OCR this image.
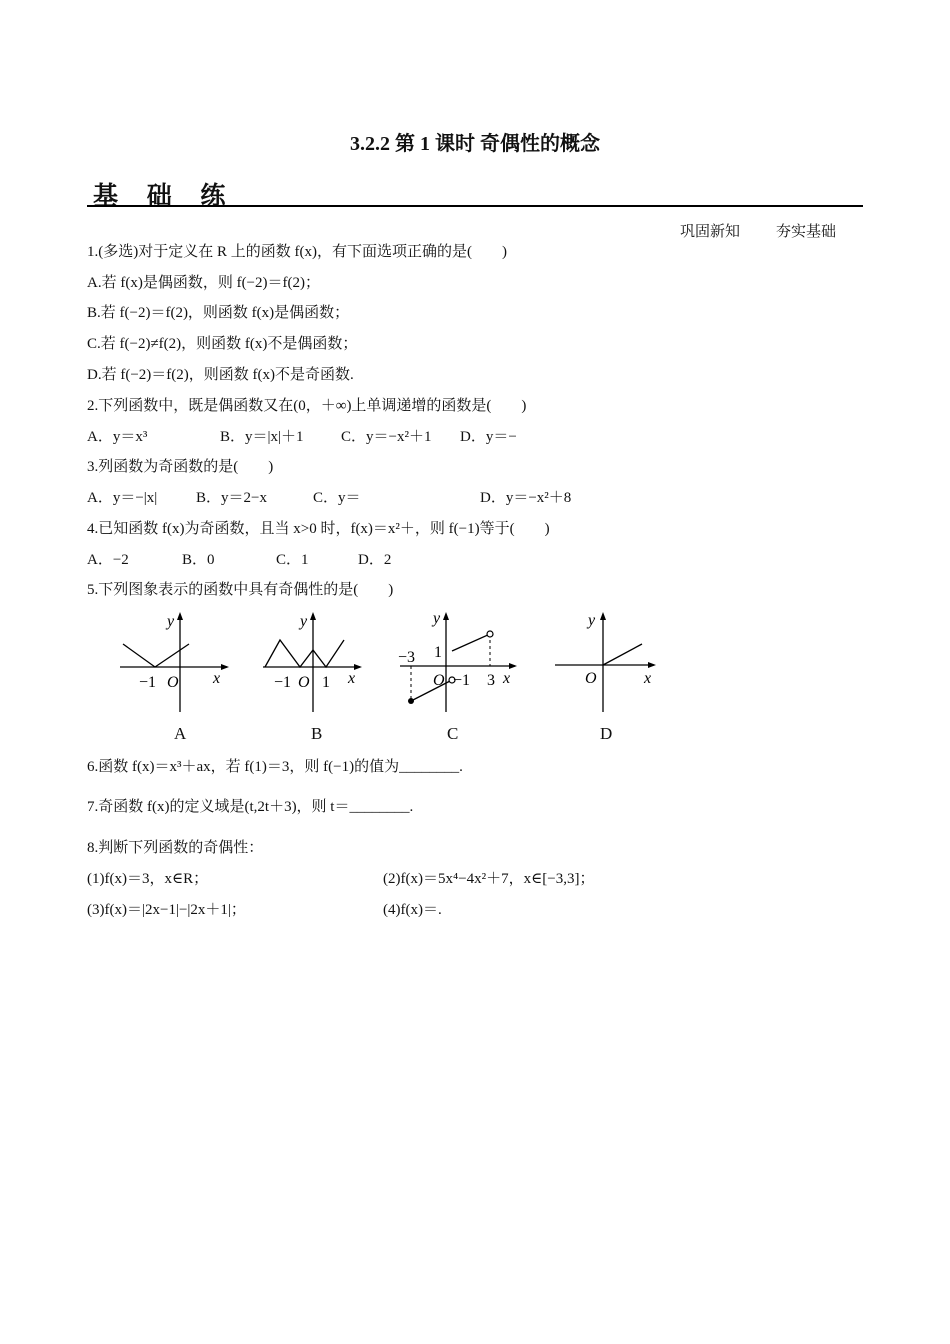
3.2.2 第 1 课时 奇偶性的概念
基 础 练
巩固新知 夯实基础
1.(多选)对于定义在 R 上的函数 f(x)，有下面选项正确的是(　　)
A.若 f(x)是偶函数，则 f(−2)＝f(2)；
B.若 f(−2)＝f(2)，则函数 f(x)是偶函数；
C.若 f(−2)≠f(2)，则函数 f(x)不是偶函数；
D.若 f(−2)＝f(2)，则函数 f(x)不是奇函数.
2.下列函数中，既是偶函数又在(0，＋∞)上单调递增的函数是(　　)
A．y＝x³	B．y＝|x|＋1 C．y＝−x²＋1 D．y＝−
3.列函数为奇函数的是(　　)
A．y＝−|x|	B．y＝2−x	C．y＝	D．y＝−x²＋8
4.已知函数 f(x)为奇函数，且当 x>0 时，f(x)＝x²＋，则 f(−1)等于(　　)
A．−2	B．0	C．1	D．2
5.下列图象表示的函数中具有奇偶性的是(　　)
y
x
O
−1
y
x
−1 O 1
y
x
O
−3 1
−1 3
y
x
O
A	B	C	D
6.函数 f(x)＝x³＋ax，若 f(1)＝3，则 f(−1)的值为________.
7.奇函数 f(x)的定义域是(t,2t＋3)，则 t＝________.
8.判断下列函数的奇偶性：
(1)f(x)＝3，x∈R；	(2)f(x)＝5x⁴−4x²＋7，x∈[−3,3]；
(3)f(x)＝|2x−1|−|2x＋1|；	(4)f(x)＝.
